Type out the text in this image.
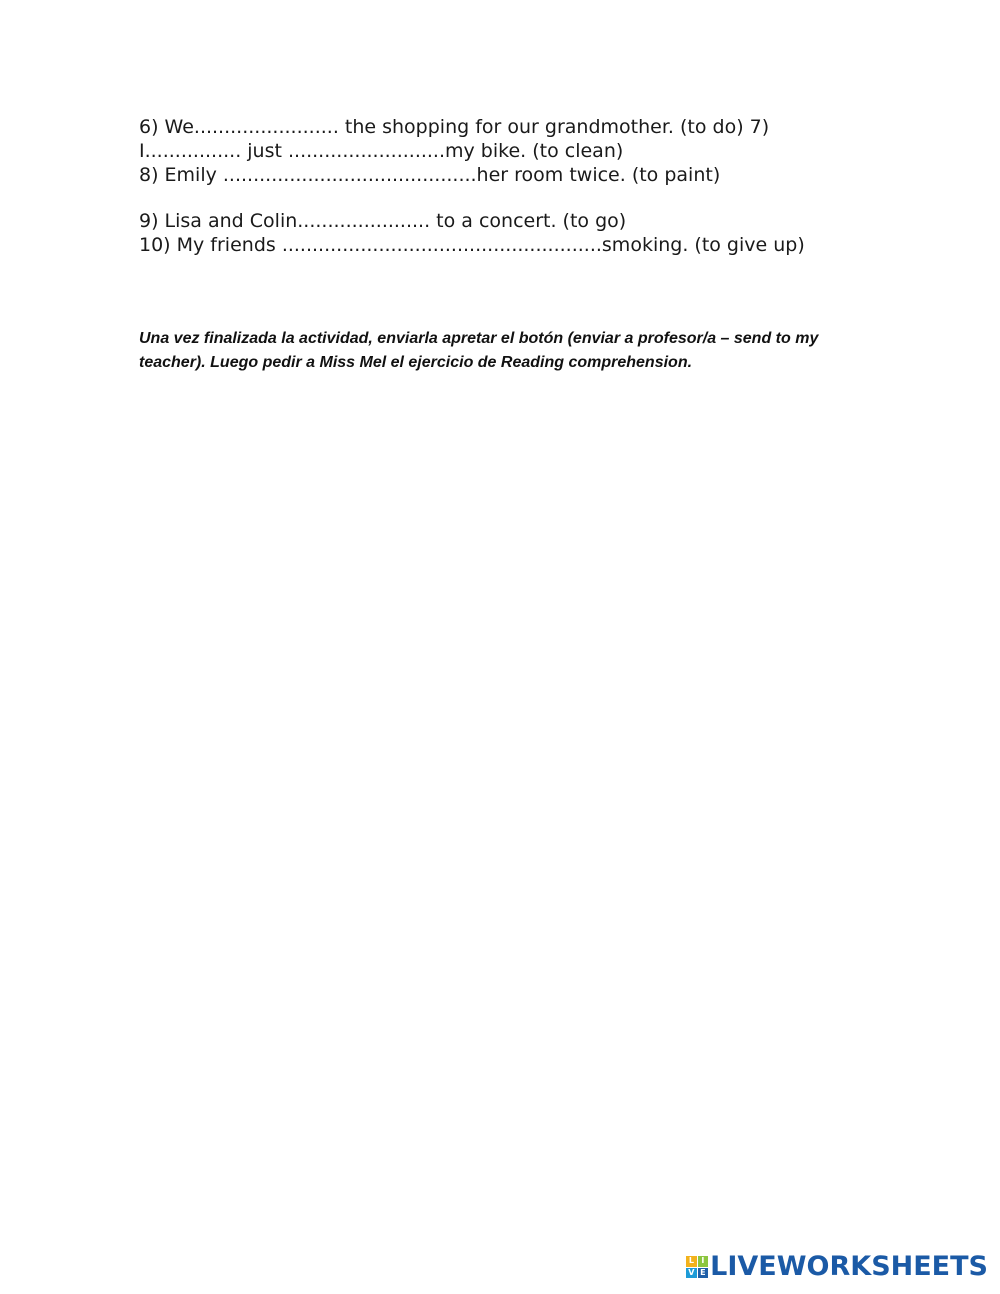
6) We........................ the shopping for our grandmother. (to do) 7)
I................ just ..........................my bike. (to clean)
8) Emily ..........................................her room twice. (to paint)
9) Lisa and Colin...................... to a concert. (to go)
10) My friends .....................................................smoking. (to give up)
Una vez finalizada la actividad, enviarla apretar el botón (enviar a profesor/a – send to my teacher). Luego pedir a Miss Mel el ejercicio de Reading comprehension.
L I
V E LIVEWORKSHEETS
